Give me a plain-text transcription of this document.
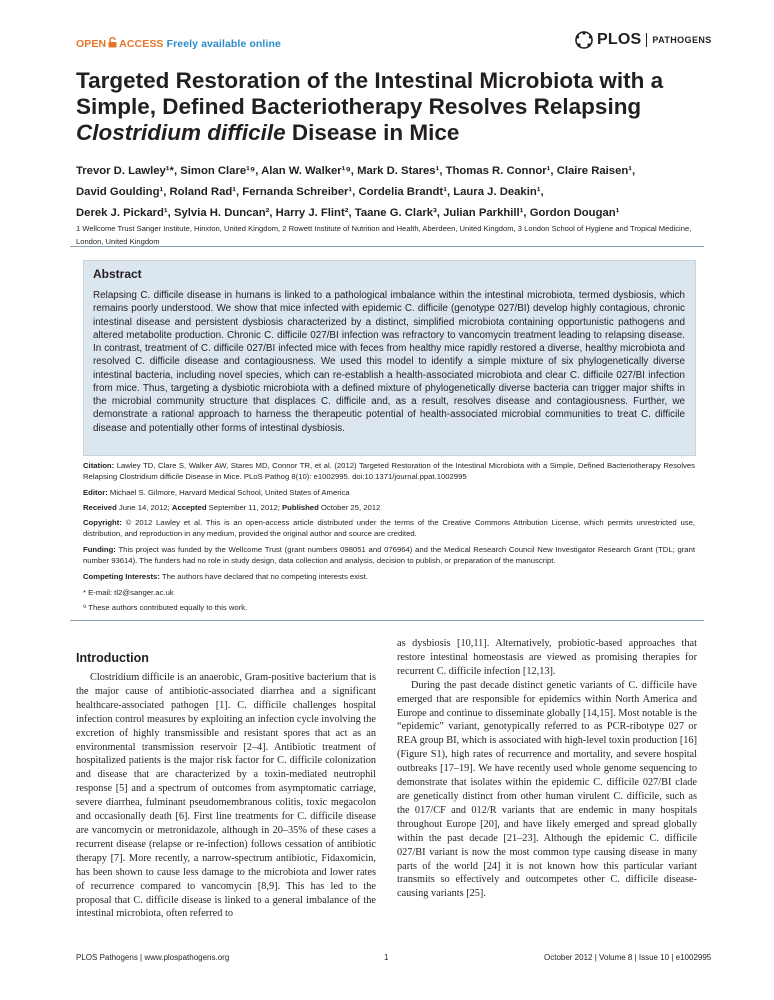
OPEN ACCESS Freely available online	PLOS PATHOGENS
Targeted Restoration of the Intestinal Microbiota with a
Simple, Defined Bacteriotherapy Resolves Relapsing
Clostridium difficile Disease in Mice
Trevor D. Lawley¹*, Simon Clare¹⁹, Alan W. Walker¹⁹, Mark D. Stares¹, Thomas R. Connor¹, Claire Raisen¹,
David Goulding¹, Roland Rad¹, Fernanda Schreiber¹, Cordelia Brandt¹, Laura J. Deakin¹,
Derek J. Pickard¹, Sylvia H. Duncan², Harry J. Flint², Taane G. Clark³, Julian Parkhill¹, Gordon Dougan¹
1 Wellcome Trust Sanger Institute, Hinxton, United Kingdom, 2 Rowett Institute of Nutrition and Health, Aberdeen, United Kingdom, 3 London School of Hygiene and Tropical Medicine, London, United Kingdom
Abstract
Relapsing C. difficile disease in humans is linked to a pathological imbalance within the intestinal microbiota, termed dysbiosis, which remains poorly understood. We show that mice infected with epidemic C. difficile (genotype 027/BI) develop highly contagious, chronic intestinal disease and persistent dysbiosis characterized by a distinct, simplified microbiota containing opportunistic pathogens and altered metabolite production. Chronic C. difficile 027/BI infection was refractory to vancomycin treatment leading to relapsing disease. In contrast, treatment of C. difficile 027/BI infected mice with feces from healthy mice rapidly restored a diverse, healthy microbiota and resolved C. difficile disease and contagiousness. We used this model to identify a simple mixture of six phylogenetically diverse intestinal bacteria, including novel species, which can re-establish a health-associated microbiota and clear C. difficile 027/BI infection from mice. Thus, targeting a dysbiotic microbiota with a defined mixture of phylogenetically diverse bacteria can trigger major shifts in the microbial community structure that displaces C. difficile and, as a result, resolves disease and contagiousness. Further, we demonstrate a rational approach to harness the therapeutic potential of health-associated microbial communities to treat C. difficile disease and potentially other forms of intestinal dysbiosis.
Citation: Lawley TD, Clare S, Walker AW, Stares MD, Connor TR, et al. (2012) Targeted Restoration of the Intestinal Microbiota with a Simple, Defined Bacteriotherapy Resolves Relapsing Clostridium difficile Disease in Mice. PLoS Pathog 8(10): e1002995. doi:10.1371/journal.ppat.1002995
Editor: Michael S. Gilmore, Harvard Medical School, United States of America
Received June 14, 2012; Accepted September 11, 2012; Published October 25, 2012
Copyright: © 2012 Lawley et al. This is an open-access article distributed under the terms of the Creative Commons Attribution License, which permits unrestricted use, distribution, and reproduction in any medium, provided the original author and source are credited.
Funding: This project was funded by the Wellcome Trust (grant numbers 098051 and 076964) and the Medical Research Council New Investigator Research Grant (TDL; grant number 93614). The funders had no role in study design, data collection and analysis, decision to publish, or preparation of the manuscript.
Competing Interests: The authors have declared that no competing interests exist.
* E-mail: tl2@sanger.ac.uk
⁹ These authors contributed equally to this work.
Introduction

Clostridium difficile is an anaerobic, Gram-positive bacterium that is the major cause of antibiotic-associated diarrhea and a significant healthcare-associated pathogen [1]. C. difficile challenges hospital infection control measures by exploiting an infection cycle involving the excretion of highly transmissible and resistant spores that act as an environmental transmission reservoir [2–4]. Antibiotic treatment of hospitalized patients is the major risk factor for C. difficile colonization and disease that are characterized by a toxin-mediated neutrophil response [5] and a spectrum of outcomes from asymptomatic carriage, severe diarrhea, fulminant pseudomembranous colitis, toxic megacolon and occasionally death [6]. First line treatments for C. difficile disease are vancomycin or metronidazole, although in 20–35% of these cases a recurrent disease (relapse or re-infection) follows cessation of antibiotic therapy [7]. More recently, a narrow-spectrum antibiotic, Fidaxomicin, has been shown to cause less damage to the microbiota and lower rates of recurrence compared to vancomycin [8,9]. This has led to the proposal that C. difficile disease is linked to a general imbalance of the intestinal microbiota, often referred to

as dysbiosis [10,11]. Alternatively, probiotic-based approaches that restore intestinal homeostasis are viewed as promising therapies for recurrent C. difficile infection [12,13].

During the past decade distinct genetic variants of C. difficile have emerged that are responsible for epidemics within North America and Europe and continue to disseminate globally [14,15]. Most notable is the “epidemic” variant, genotypically referred to as PCR-ribotype 027 or REA group BI, which is associated with high-level toxin production [16](Figure S1), high rates of recurrence and mortality, and severe hospital outbreaks [17–19]. We have recently used whole genome sequencing to demonstrate that isolates within the epidemic C. difficile 027/BI clade are genetically distinct from other human virulent C. difficile, such as the 017/CF and 012/R variants that are endemic in many hospitals throughout Europe [20], and have likely emerged and spread globally within the past decade [21–23]. Although the epidemic C. difficile 027/BI variant is now the most common type causing disease in many parts of the world [24] it is not known how this particular variant transmits so effectively and outcompetes other C. difficile disease-causing variants [25].

PLOS Pathogens | www.plospathogens.org	1	October 2012 | Volume 8 | Issue 10 | e1002995
